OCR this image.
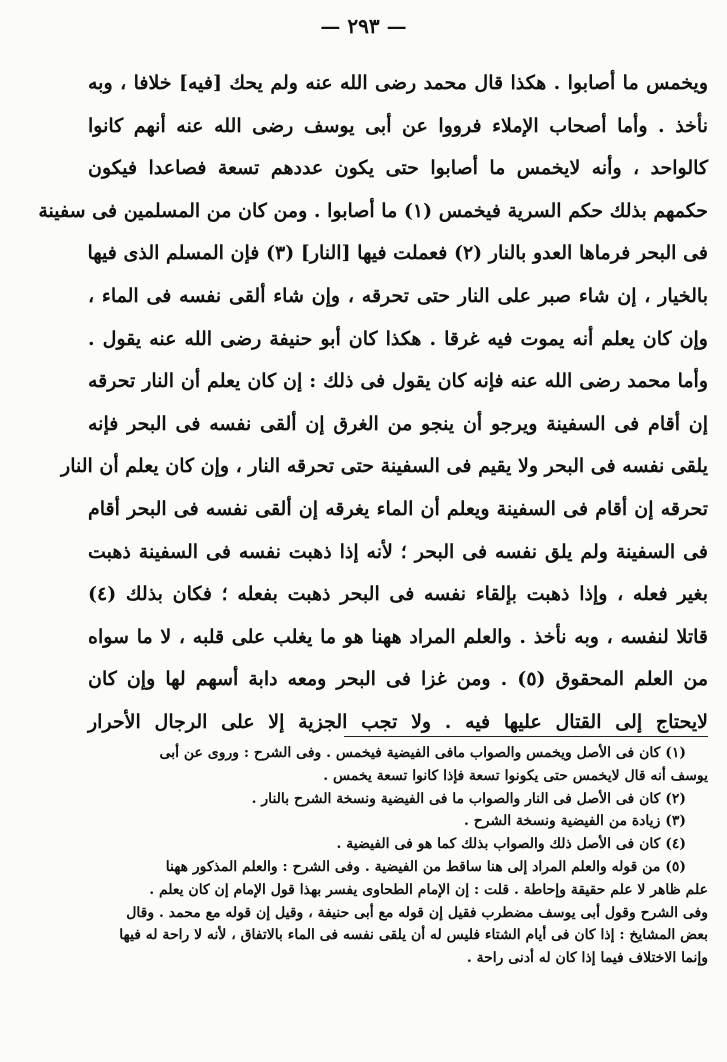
— ٢٩٣ —
ويخمس ما أصابوا . هكذا قال محمد رضى الله عنه ولم يحك [فيه] خلافا ، وبه
نأخذ . وأما أصحاب الإملاء فرووا عن أبى يوسف رضى الله عنه أنهم كانوا
كالواحد ، وأنه لايخمس ما أصابوا حتى يكون عددهم تسعة فصاعدا فيكون
حكمهم بذلك حكم السرية فيخمس (١) ما أصابوا . ومن كان من المسلمين فى سفينة
فى البحر فرماها العدو بالنار (٢) فعملت فيها [النار] (٣) فإن المسلم الذى فيها
بالخيار ، إن شاء صبر على النار حتى تحرقه ، وإن شاء ألقى نفسه فى الماء ،
وإن كان يعلم أنه يموت فيه غرقا . هكذا كان أبو حنيفة رضى الله عنه يقول .
وأما محمد رضى الله عنه فإنه كان يقول فى ذلك : إن كان يعلم أن النار تحرقه
إن أقام فى السفينة ويرجو أن ينجو من الغرق إن ألقى نفسه فى البحر فإنه
يلقى نفسه فى البحر ولا يقيم فى السفينة حتى تحرقه النار ، وإن كان يعلم أن النار
تحرقه إن أقام فى السفينة ويعلم أن الماء يغرقه إن ألقى نفسه فى البحر أقام
فى السفينة ولم يلق نفسه فى البحر ؛ لأنه إذا ذهبت نفسه فى السفينة ذهبت
بغير فعله ، وإذا ذهبت بإلقاء نفسه فى البحر ذهبت بفعله ؛ فكان بذلك (٤)
قاتلا لنفسه ، وبه نأخذ . والعلم المراد ههنا هو ما يغلب على قلبه ، لا ما سواه
من العلم المحقوق (٥) . ومن غزا فى البحر ومعه دابة أسهم لها وإن كان
لايحتاج إلى القتال عليها فيه . ولا تجب الجزية إلا على الرجال الأحرار
(١) كان فى الأصل ويخمس والصواب مافى الفيضية فيخمس . وفى الشرح : وروى عن أبى
يوسف أنه قال لايخمس حتى يكونوا تسعة فإذا كانوا تسعة يخمس .
(٢) كان فى الأصل فى النار والصواب ما فى الفيضية ونسخة الشرح بالنار .
(٣) زيادة من الفيضية ونسخة الشرح .
(٤) كان فى الأصل ذلك والصواب بذلك كما هو فى الفيضية .
(٥) من قوله والعلم المراد إلى هنا ساقط من الفيضية . وفى الشرح : والعلم المذكور ههنا
علم ظاهر لا علم حقيقة وإحاطة . قلت : إن الإمام الطحاوى يفسر بهذا قول الإمام إن كان يعلم .
وفى الشرح وقول أبى يوسف مضطرب فقيل إن قوله مع أبى حنيفة ، وقيل إن قوله مع محمد . وقال
بعض المشايخ : إذا كان فى أيام الشتاء فليس له أن يلقى نفسه فى الماء بالاتفاق ، لأنه لا راحة له فيها
وإنما الاختلاف فيما إذا كان له أدنى راحة .
